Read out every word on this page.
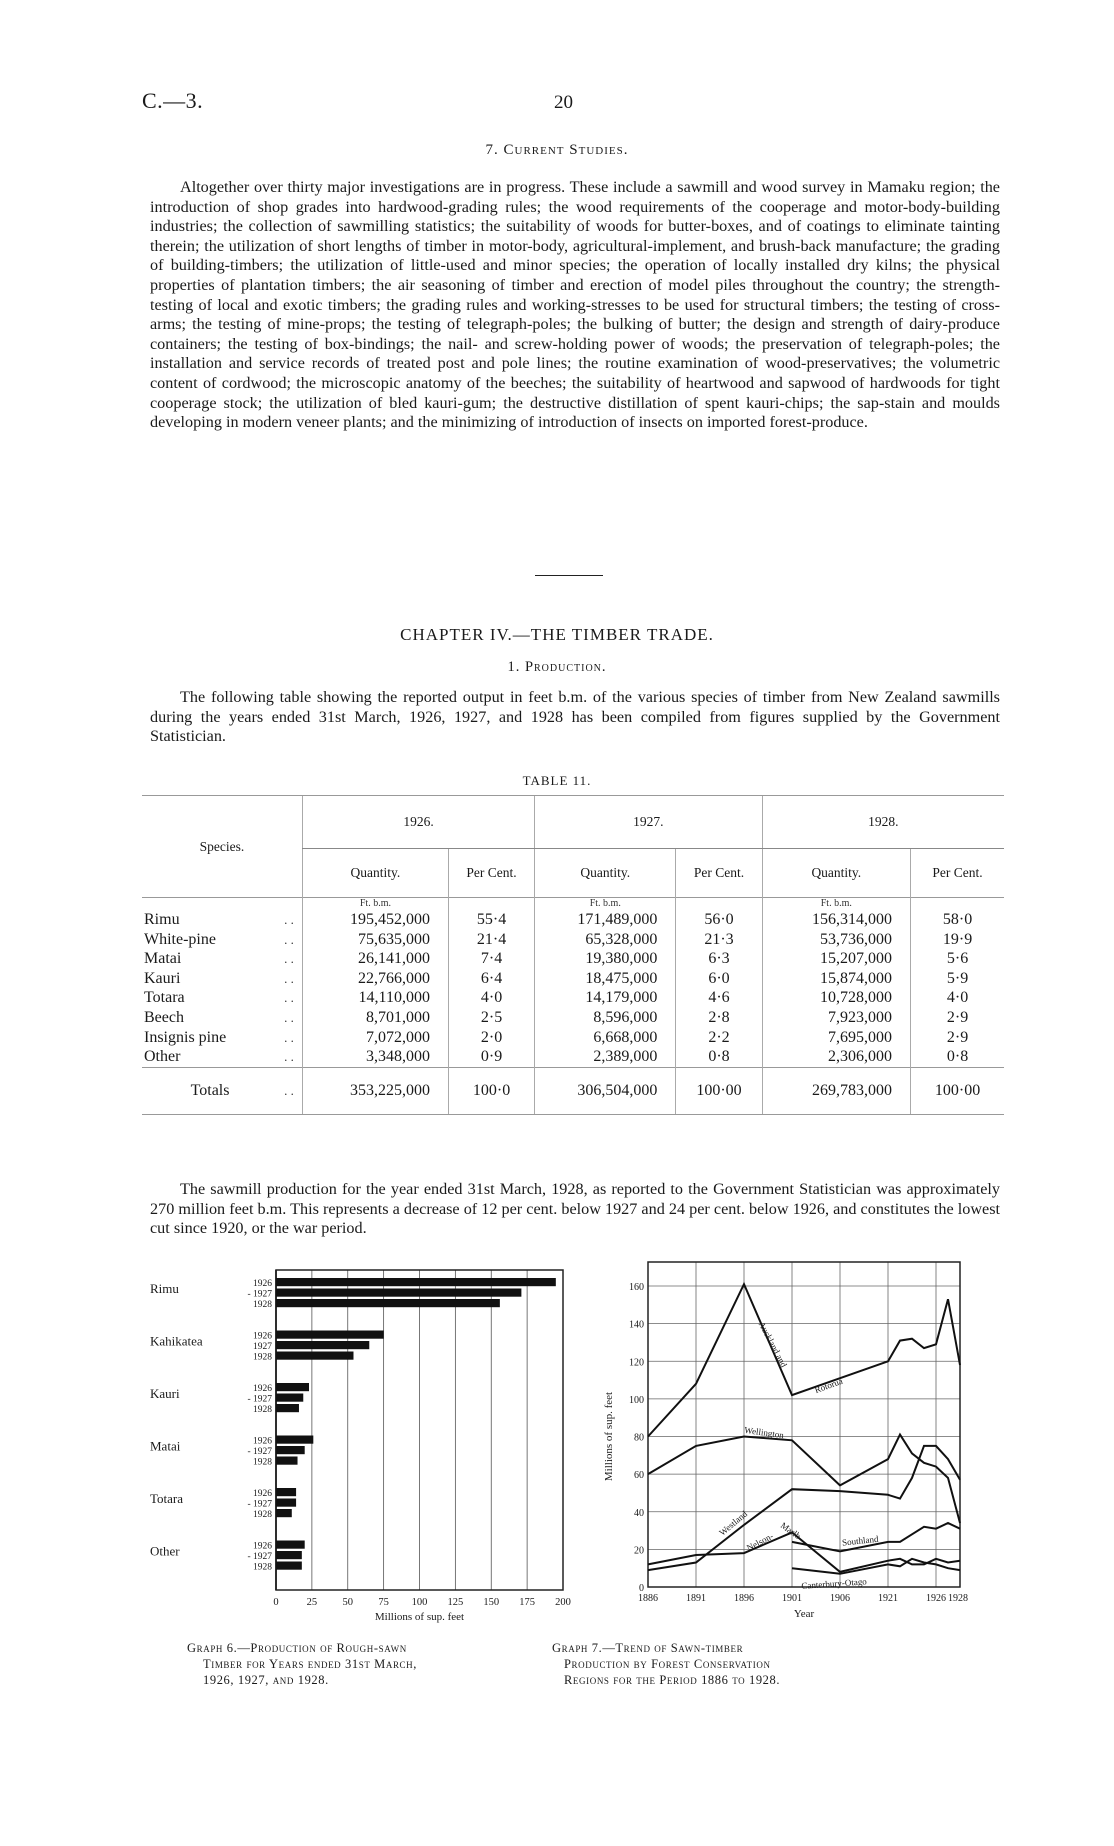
C.—3.	20
7. Current Studies.
Altogether over thirty major investigations are in progress. These include a sawmill and wood survey in Mamaku region; the introduction of shop grades into hardwood-grading rules; the wood requirements of the cooperage and motor-body-building industries; the collection of sawmilling statistics; the suitability of woods for butter-boxes, and of coatings to eliminate tainting therein; the utilization of short lengths of timber in motor-body, agricultural-implement, and brush-back manufacture; the grading of building-timbers; the utilization of little-used and minor species; the operation of locally installed dry kilns; the physical properties of plantation timbers; the air seasoning of timber and erection of model piles throughout the country; the strength-testing of local and exotic timbers; the grading rules and working-stresses to be used for structural timbers; the testing of cross-arms; the testing of mine-props; the testing of telegraph-poles; the bulking of butter; the design and strength of dairy-produce containers; the testing of box-bindings; the nail- and screw-holding power of woods; the preservation of telegraph-poles; the installation and service records of treated post and pole lines; the routine examination of wood-preservatives; the volumetric content of cordwood; the microscopic anatomy of the beeches; the suitability of heartwood and sapwood of hardwoods for tight cooperage stock; the utilization of bled kauri-gum; the destructive distillation of spent kauri-chips; the sap-stain and moulds developing in modern veneer plants; and the minimizing of introduction of insects on imported forest-produce.
CHAPTER IV.—THE TIMBER TRADE.
1. Production.
The following table showing the reported output in feet b.m. of the various species of timber from New Zealand sawmills during the years ended 31st March, 1926, 1927, and 1928 has been compiled from figures supplied by the Government Statistician.
TABLE 11.

Species.		1926.		1927.		1928.	
		Quantity.	Per Cent.	Quantity.	Per Cent.	Quantity.	Per Cent.

		Ft. b.m.		Ft. b.m.		Ft. b.m.	
Rimu	. .	195,452,000	55·4	171,489,000	56·0	156,314,000	58·0
White-pine	. .	75,635,000	21·4	65,328,000	21·3	53,736,000	19·9
Matai	. .	26,141,000	7·4	19,380,000	6·3	15,207,000	5·6
Kauri	. .	22,766,000	6·4	18,475,000	6·0	15,874,000	5·9
Totara	. .	14,110,000	4·0	14,179,000	4·6	10,728,000	4·0
Beech	. .	8,701,000	2·5	8,596,000	2·8	7,923,000	2·9
Insignis pine	. .	7,072,000	2·0	6,668,000	2·2	7,695,000	2·9
Other	. .	3,348,000	0·9	2,389,000	0·8	2,306,000	0·8

Totals	. .	353,225,000	100·0	306,504,000	100·00	269,783,000	100·00

The sawmill production for the year ended 31st March, 1928, as reported to the Government Statistician was approximately 270 million feet b.m. This represents a decrease of 12 per cent. below 1927 and 24 per cent. below 1926, and constitutes the lowest cut since 1920, or the war period.
0	25 50 75 100 125 150 175 200
Millions of sup. feet
Rimu	1926
- 1927
1928
Kahikatea	1926
1927
1928
Kauri	1926
- 1927
1928
Matai	1926
- 1927
1928
Totara	1926
- 1927
1928
Other	1926
- 1927
1928
Graph 6.—Production of Rough-sawn
Timber for Years ended 31st March,
1926, 1927, and 1928.
0
20
40
60
80
100
120
140
160
1886	1891	1896	1901	1906	1921	1926 1928
Year
Millions of sup. feet
Auckland and
Rotorua
Wellington
Westland
Nelson-
Marlb	Southland
Canterbury-Otago
Graph 7.—Trend of Sawn-timber
Production by Forest Conservation
Regions for the Period 1886 to 1928.
